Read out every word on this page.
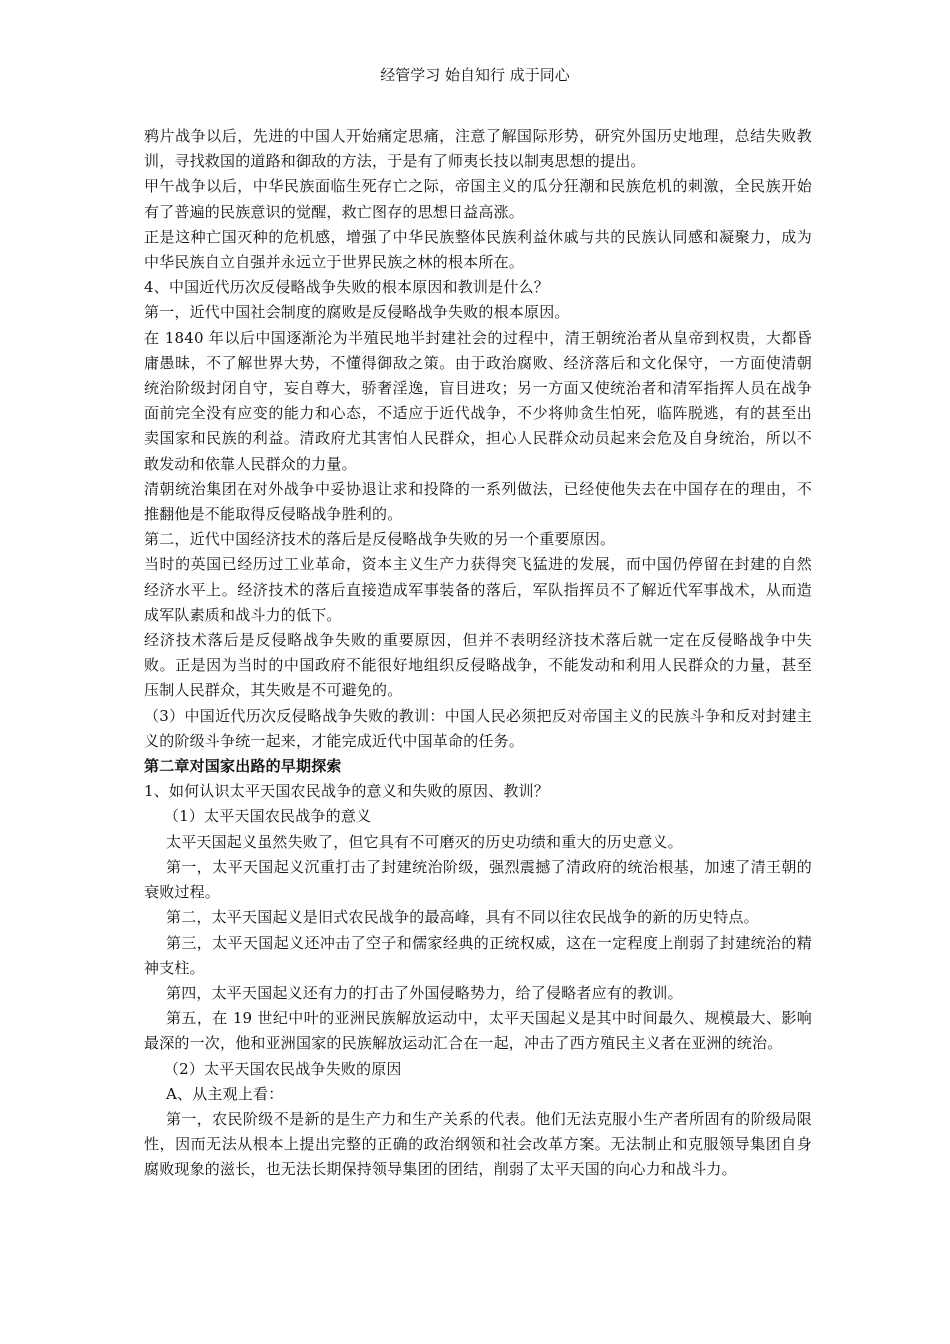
经管学习 始自知行 成于同心

鸦片战争以后，先进的中国人开始痛定思痛，注意了解国际形势，研究外国历史地理，总结失败教训，寻找救国的道路和御敌的方法，于是有了师夷长技以制夷思想的提出。

甲午战争以后，中华民族面临生死存亡之际，帝国主义的瓜分狂潮和民族危机的刺激，全民族开始有了普遍的民族意识的觉醒，救亡图存的思想日益高涨。

正是这种亡国灭种的危机感，增强了中华民族整体民族利益休戚与共的民族认同感和凝聚力，成为中华民族自立自强并永远立于世界民族之林的根本所在。

4、中国近代历次反侵略战争失败的根本原因和教训是什么？

第一，近代中国社会制度的腐败是反侵略战争失败的根本原因。

在 1840 年以后中国逐渐沦为半殖民地半封建社会的过程中，清王朝统治者从皇帝到权贵，大都昏庸愚昧，不了解世界大势，不懂得御敌之策。由于政治腐败、经济落后和文化保守，一方面使清朝统治阶级封闭自守，妄自尊大，骄奢淫逸，盲目进攻；另一方面又使统治者和清军指挥人员在战争面前完全没有应变的能力和心态，不适应于近代战争，不少将帅贪生怕死，临阵脱逃，有的甚至出卖国家和民族的利益。清政府尤其害怕人民群众，担心人民群众动员起来会危及自身统治，所以不敢发动和依靠人民群众的力量。

清朝统治集团在对外战争中妥协退让求和投降的一系列做法，已经使他失去在中国存在的理由，不推翻他是不能取得反侵略战争胜利的。

第二，近代中国经济技术的落后是反侵略战争失败的另一个重要原因。

当时的英国已经历过工业革命，资本主义生产力获得突飞猛进的发展，而中国仍停留在封建的自然经济水平上。经济技术的落后直接造成军事装备的落后，军队指挥员不了解近代军事战术，从而造成军队素质和战斗力的低下。

经济技术落后是反侵略战争失败的重要原因，但并不表明经济技术落后就一定在反侵略战争中失败。正是因为当时的中国政府不能很好地组织反侵略战争，不能发动和利用人民群众的力量，甚至压制人民群众，其失败是不可避免的。

（3）中国近代历次反侵略战争失败的教训：中国人民必须把反对帝国主义的民族斗争和反对封建主义的阶级斗争统一起来，才能完成近代中国革命的任务。

第二章对国家出路的早期探索

1、如何认识太平天国农民战争的意义和失败的原因、教训？

（1）太平天国农民战争的意义

太平天国起义虽然失败了，但它具有不可磨灭的历史功绩和重大的历史意义。

第一，太平天国起义沉重打击了封建统治阶级，强烈震撼了清政府的统治根基，加速了清王朝的衰败过程。

第二，太平天国起义是旧式农民战争的最高峰，具有不同以往农民战争的新的历史特点。

第三，太平天国起义还冲击了空子和儒家经典的正统权威，这在一定程度上削弱了封建统治的精神支柱。

第四，太平天国起义还有力的打击了外国侵略势力，给了侵略者应有的教训。

第五，在 19 世纪中叶的亚洲民族解放运动中，太平天国起义是其中时间最久、规模最大、影响最深的一次，他和亚洲国家的民族解放运动汇合在一起，冲击了西方殖民主义者在亚洲的统治。

（2）太平天国农民战争失败的原因

A、从主观上看：

第一，农民阶级不是新的是生产力和生产关系的代表。他们无法克服小生产者所固有的阶级局限性，因而无法从根本上提出完整的正确的政治纲领和社会改革方案。无法制止和克服领导集团自身腐败现象的滋长，也无法长期保持领导集团的团结，削弱了太平天国的向心力和战斗力。
